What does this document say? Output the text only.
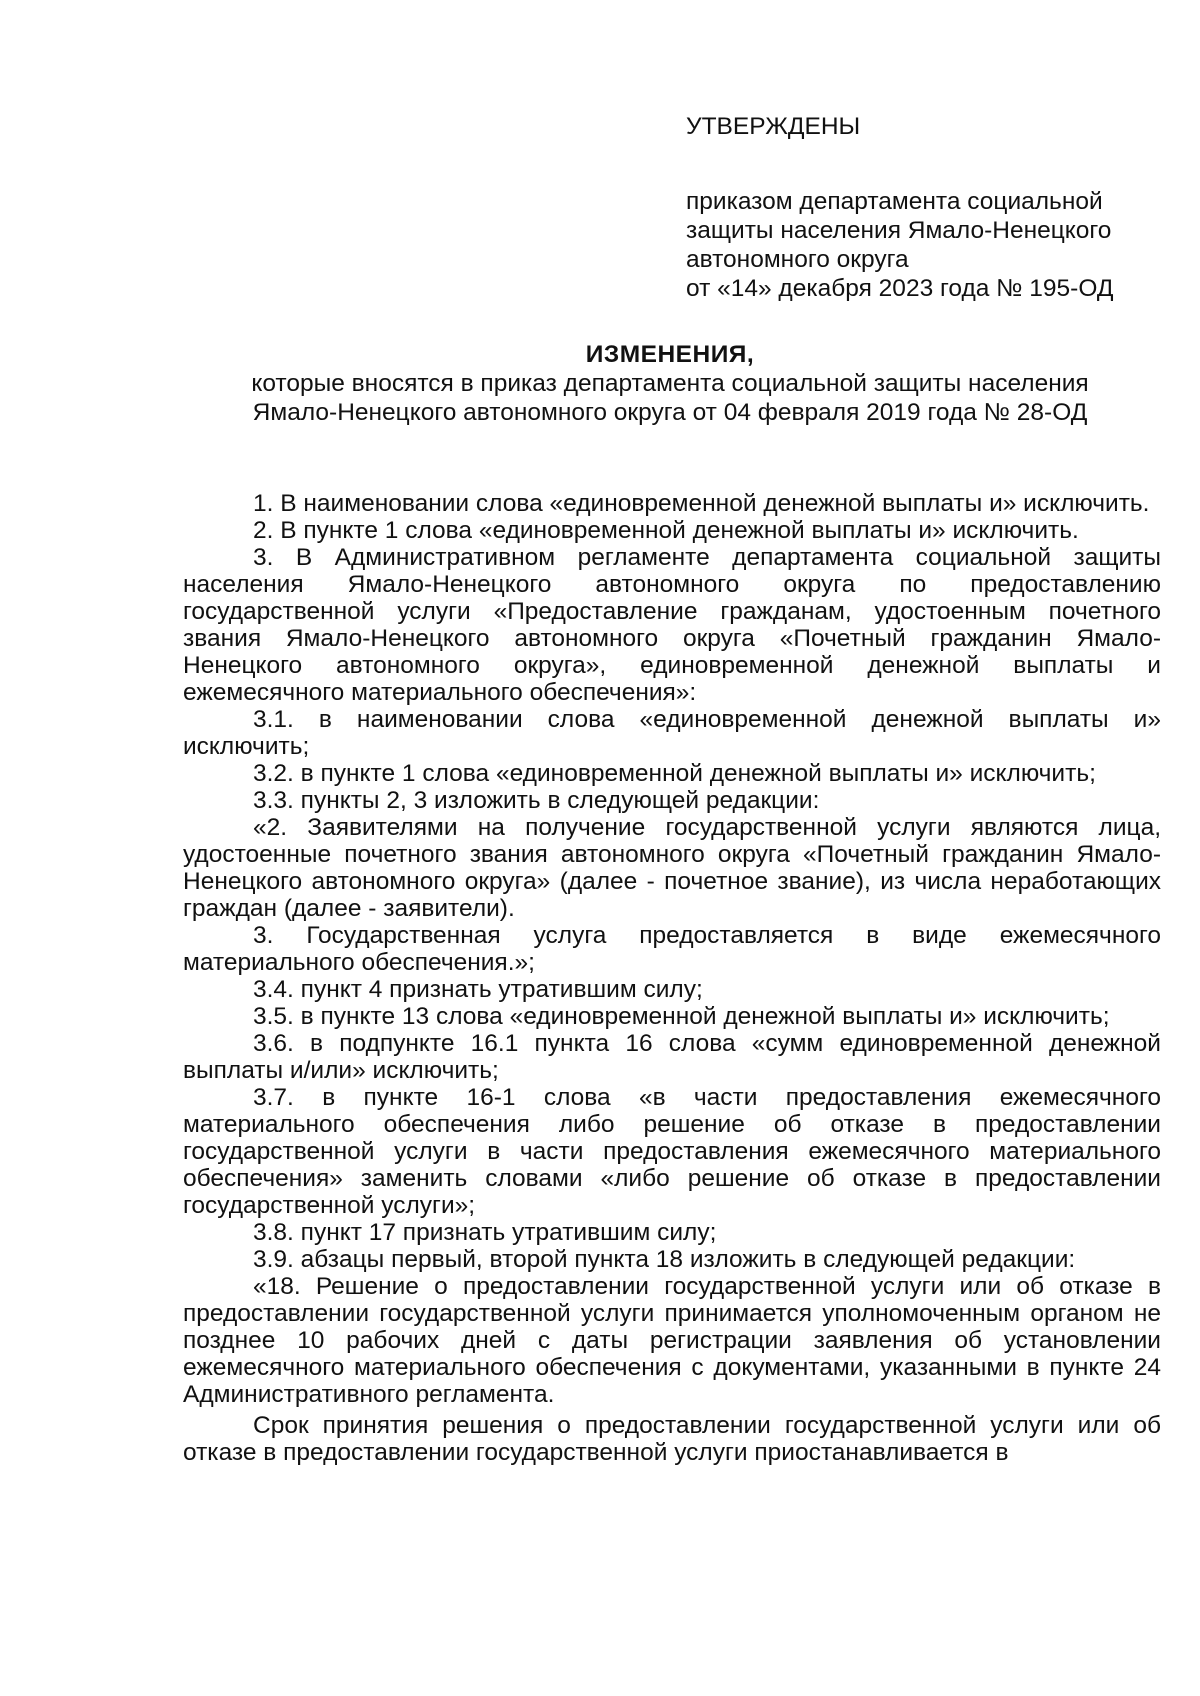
УТВЕРЖДЕНЫ
приказом департамента социальной
защиты населения Ямало-Ненецкого
автономного округа
от «14» декабря 2023 года № 195-ОД
ИЗМЕНЕНИЯ,
которые вносятся в приказ департамента социальной защиты населения
Ямало-Ненецкого автономного округа от 04 февраля 2019 года № 28-ОД

1. В наименовании слова «единовременной денежной выплаты и» исключить.

2. В пункте 1 слова «единовременной денежной выплаты и» исключить.

3. В Административном регламенте департамента социальной защиты населения Ямало-Ненецкого автономного округа по предоставлению государственной услуги «Предоставление гражданам, удостоенным почетного звания Ямало-Ненецкого автономного округа «Почетный гражданин Ямало-Ненецкого автономного округа», единовременной денежной выплаты и ежемесячного материального обеспечения»:

3.1. в наименовании слова «единовременной денежной выплаты и» исключить;

3.2. в пункте 1 слова «единовременной денежной выплаты и» исключить;

3.3. пункты 2, 3 изложить в следующей редакции:

«2. Заявителями на получение государственной услуги являются лица, удостоенные почетного звания автономного округа «Почетный гражданин Ямало-Ненецкого автономного округа» (далее - почетное звание), из числа неработающих граждан (далее - заявители).

3. Государственная услуга предоставляется в виде ежемесячного материального обеспечения.»;

3.4. пункт 4 признать утратившим силу;

3.5. в пункте 13 слова «единовременной денежной выплаты и» исключить;

3.6. в подпункте 16.1 пункта 16 слова «сумм единовременной денежной выплаты и/или» исключить;

3.7. в пункте 16-1 слова «в части предоставления ежемесячного материального обеспечения либо решение об отказе в предоставлении государственной услуги в части предоставления ежемесячного материального обеспечения» заменить словами «либо решение об отказе в предоставлении государственной услуги»;

3.8. пункт 17 признать утратившим силу;

3.9. абзацы первый, второй пункта 18 изложить в следующей редакции:

«18. Решение о предоставлении государственной услуги или об отказе в предоставлении государственной услуги принимается уполномоченным органом не позднее 10 рабочих дней с даты регистрации заявления об установлении ежемесячного материального обеспечения с документами, указанными в пункте 24 Административного регламента.

Срок принятия решения о предоставлении государственной услуги или об отказе в предоставлении государственной услуги приостанавливается в
